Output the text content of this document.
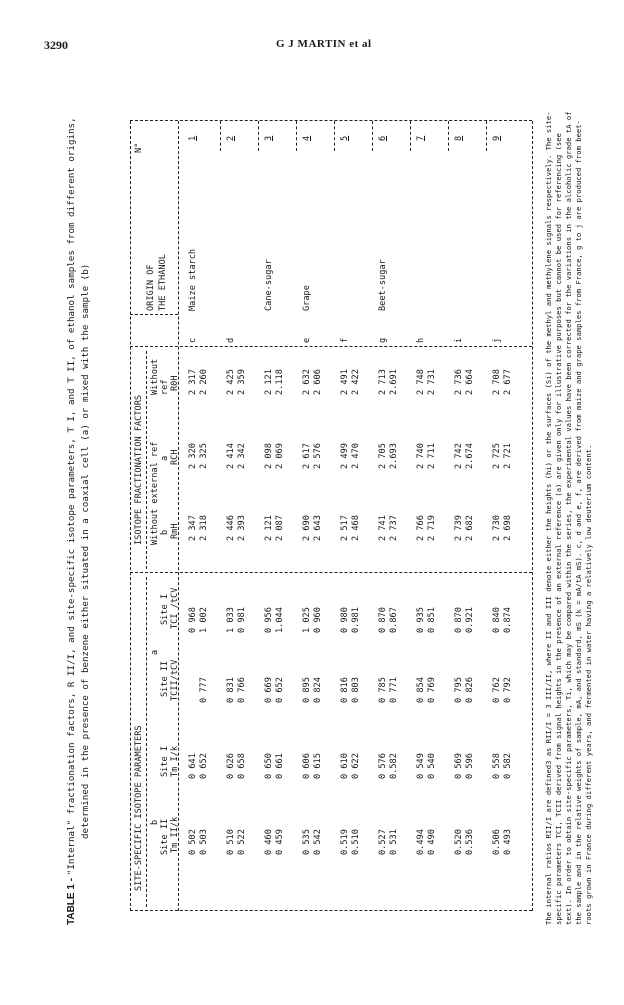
3290	G J MARTIN et al
TABLE 1 - "Internal" fractionation factors, R II/I, and site-specific isotope parameters, T I, and T II, of ethanol samples from different origins, determined in the presence of benzene either situated in a coaxial cell (a) or mixed with the sample (b)
N°
ORIGIN OF THE ETHANOL
ISOTOPE FRACTIONATION FACTORS
SITE-SPECIFIC ISOTOPE PARAMETERS
Without ref
Without external ref a
b
R0H
RCH
RmH
a
b
Site I
Site II
Site I
Site II
TCI /tCV
TCII/tCV
Tm I/k
Tm II/k
1
Maize starch
c
2 317 2 260
2 320 2 325
2 347 2 318
0 968 1 002
0 777
0 641 0 652
0 502 0 503
2
d
2 425 2 359
2 414 2 342
2 446 2 393
1 033 0 981
0 831 0 766
0 626 0 658
0 510 0 522
3
Cane-sugar
2 121 2.118
2 098 2 069
2 121 2 087
0 956 1.044
0 669 0 652
0 650 0 661
0 460 0 459
4
Grape
e
2 632 2 606
2 617 2 576
2 690 2 643
1 025 0 960
0 895 0 824
0 606 0 615
0 535 0 542
5
f
2 491 2 422
2 499 2 470
2 517 2 468
0 980 0.981
0 816 0 803
0 610 0 622
0.519 0.510
6
Beet-sugar
g
2 713 2.691
2 705 2.693
2 741 2 737
0 870 0.867
0 785 0 771
0 576 0.582
0.527 0 531
7
h
2 748 2 731
2 740 2 711
2 766 2 719
0 935 0 851
0 854 0 769
0 549 0 540
0.494 0 490
8
i
2 736 2 664
2 742 2.674
2 739 2 682
0 870 0.921
0 795 0 826
0 569 0 596
0.520 0.536
9
j
2 708 2 677
2 725 2 721
2 730 2 698
0 840 0.874
0 762 0 792
0 558 0 582
0.506 0 493	The internal ratios RII/I are defined3 as RII/I = 3 III/II, where II and III denote either the heights (hi) or the surfaces (Si) of the methyl and methylene signals respectively. The site-specific parameters TCI, TCII derived from signal heights in the presence of an external reference (a) are given only for illustrative purposes but cannot be used for referencing (see text). In order to obtain site-specific parameters, Ti, which may be compared within the series, the experimental values have been corrected for the variations in the alcoholic grade tA of the sample and in the relative weights of sample, mA, and standard, mS (k = mA/tA mS). c, d and e, f, are derived from maize and grape samples from France, g to j are produced from beet-roots grown in France during different years, and fermented in water having a relatively low deuterium content.
